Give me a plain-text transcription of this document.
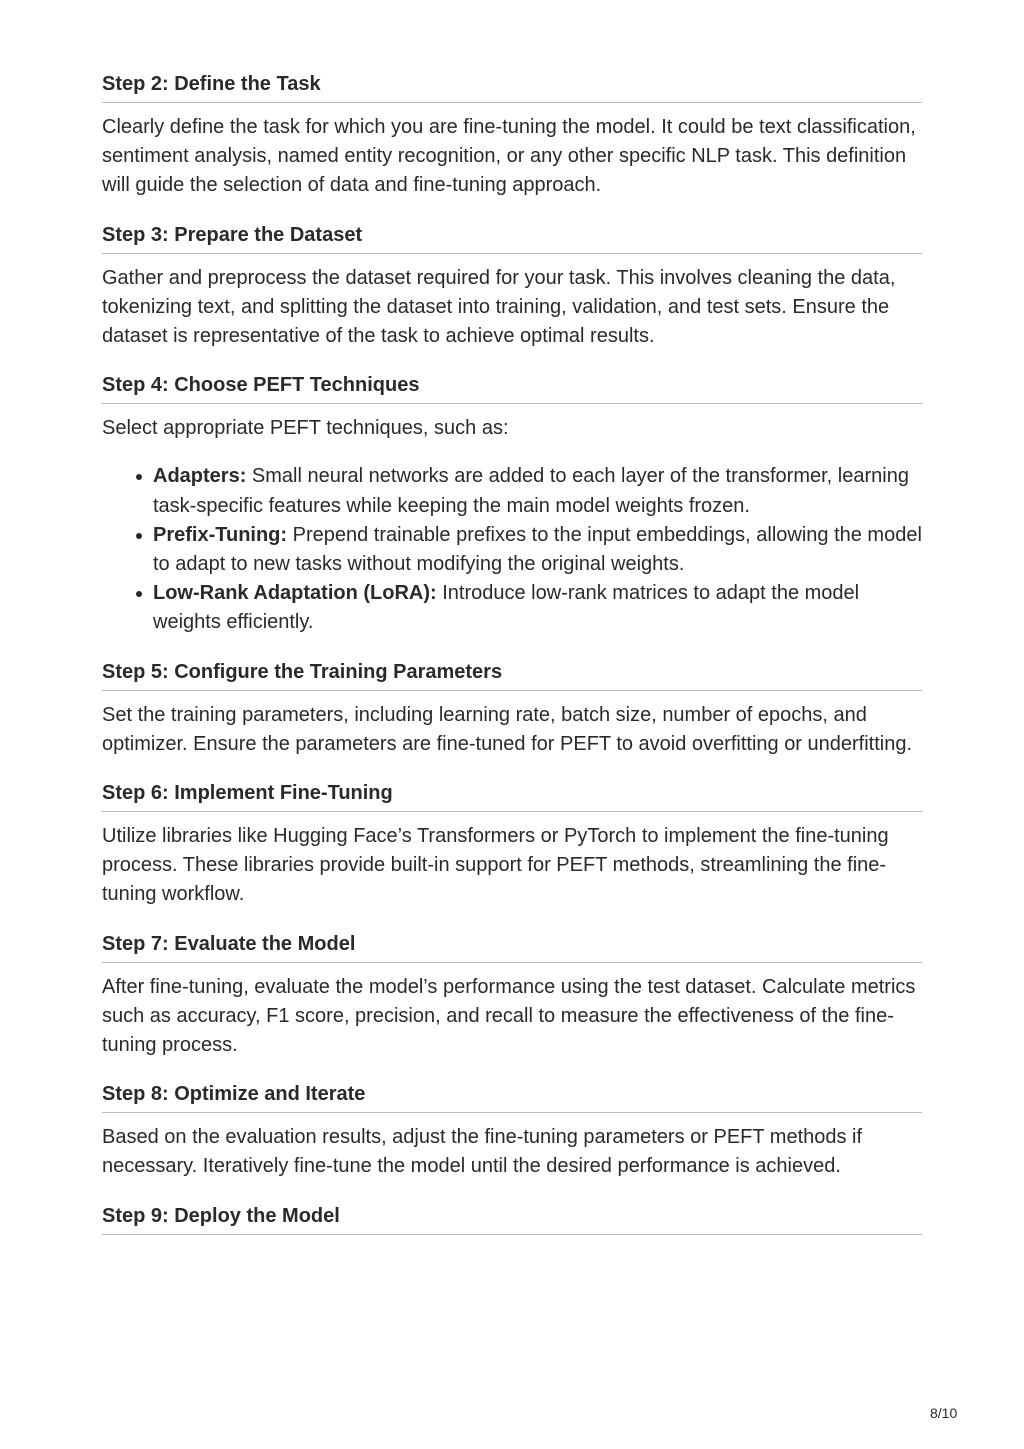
Step 2: Define the Task

Clearly define the task for which you are fine-tuning the model. It could be text classification, sentiment analysis, named entity recognition, or any other specific NLP task. This definition will guide the selection of data and fine-tuning approach.

Step 3: Prepare the Dataset

Gather and preprocess the dataset required for your task. This involves cleaning the data, tokenizing text, and splitting the dataset into training, validation, and test sets. Ensure the dataset is representative of the task to achieve optimal results.

Step 4: Choose PEFT Techniques

Select appropriate PEFT techniques, such as:

Adapters: Small neural networks are added to each layer of the transformer, learning task-specific features while keeping the main model weights frozen.
Prefix-Tuning: Prepend trainable prefixes to the input embeddings, allowing the model to adapt to new tasks without modifying the original weights.
Low-Rank Adaptation (LoRA): Introduce low-rank matrices to adapt the model weights efficiently.
Step 5: Configure the Training Parameters

Set the training parameters, including learning rate, batch size, number of epochs, and optimizer. Ensure the parameters are fine-tuned for PEFT to avoid overfitting or underfitting.

Step 6: Implement Fine-Tuning

Utilize libraries like Hugging Face’s Transformers or PyTorch to implement the fine-tuning process. These libraries provide built-in support for PEFT methods, streamlining the fine-tuning workflow.

Step 7: Evaluate the Model

After fine-tuning, evaluate the model’s performance using the test dataset. Calculate metrics such as accuracy, F1 score, precision, and recall to measure the effectiveness of the fine-tuning process.

Step 8: Optimize and Iterate

Based on the evaluation results, adjust the fine-tuning parameters or PEFT methods if necessary. Iteratively fine-tune the model until the desired performance is achieved.

Step 9: Deploy the Model
8/10
